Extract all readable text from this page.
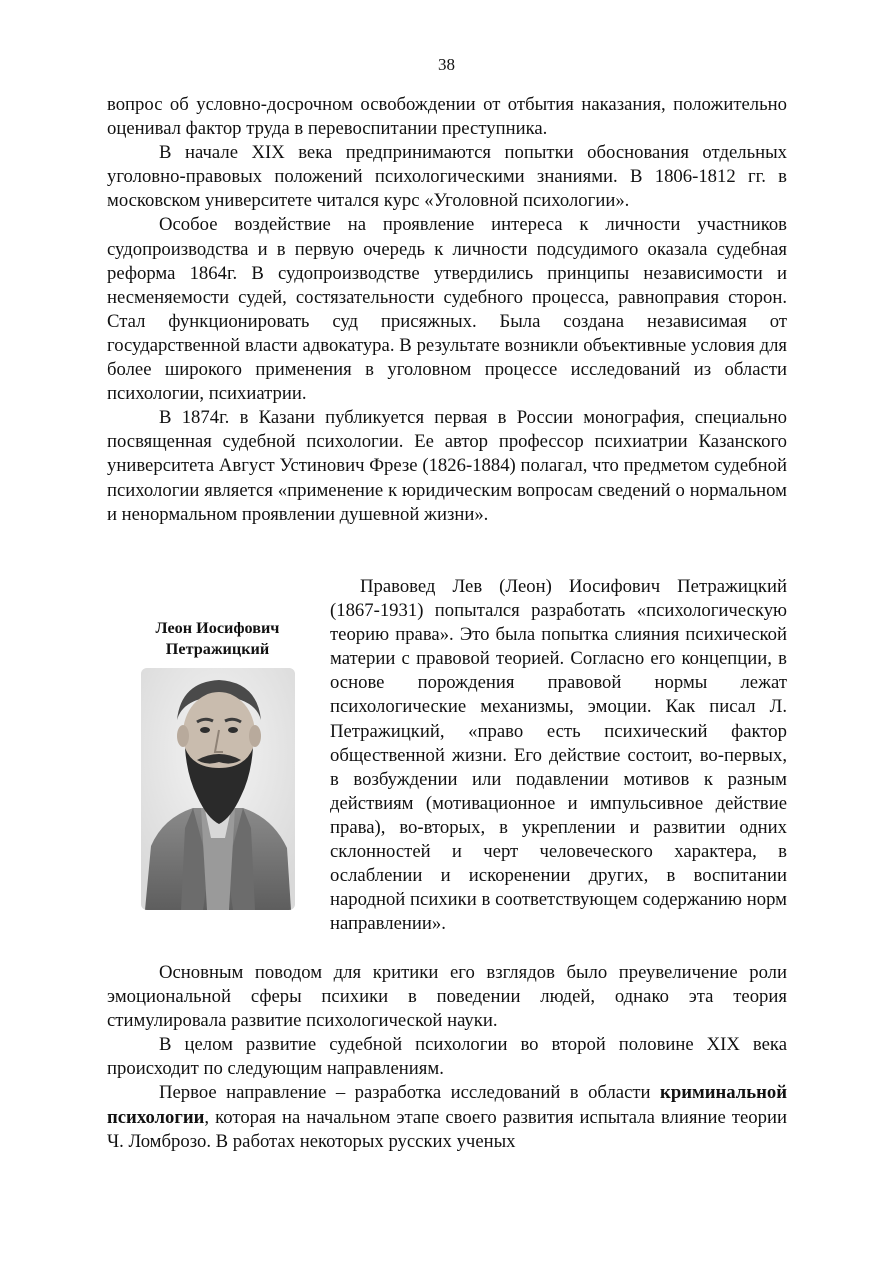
38

вопрос об условно-досрочном освобождении от отбытия наказания, положительно оценивал фактор труда в перевоспитании преступника.

В начале XIX века предпринимаются попытки обоснования отдельных уголовно-правовых положений психологическими знаниями. В 1806-1812 гг. в московском университете читался курс «Уголовной психологии».

Особое воздействие на проявление интереса к личности участников судопроизводства и в первую очередь к личности подсудимого оказала судебная реформа 1864г. В судопроизводстве утвердились принципы независимости и несменяемости судей, состязательности судебного процесса, равноправия сторон. Стал функционировать суд присяжных. Была создана независимая от государственной власти адвокатура. В результате возникли объективные условия для более широкого применения в уголовном процессе исследований из области психологии, психиатрии.

В 1874г. в Казани публикуется первая в России монография, специально посвященная судебной психологии. Ее автор профессор психиатрии Казанского университета Август Устинович Фрезе (1826-1884) полагал, что предметом судебной психологии является «применение к юридическим вопросам сведений о нормальном и ненормальном проявлении душевной жизни».

Леон Иосифович
Петражицкий

Правовед Лев (Леон) Иосифович Петражицкий (1867-1931) попытался разработать «психологическую теорию права». Это была попытка слияния психической материи с правовой теорией. Согласно его концепции, в основе порождения правовой нормы лежат психологические механизмы, эмоции. Как писал Л. Петражицкий, «право есть психический фактор общественной жизни. Его действие состоит, во-первых, в возбуждении или подавлении мотивов к разным действиям (мотивационное и импульсивное действие права), во-вторых, в укреплении и развитии одних склонностей и черт человеческого характера, в ослаблении и искоренении других, в воспитании народной психики в соответствующем содержанию норм направлении».

Основным поводом для критики его взглядов было преувеличение роли эмоциональной сферы психики в поведении людей, однако эта теория стимулировала развитие психологической науки.

В целом развитие судебной психологии во второй половине XIX века происходит по следующим направлениям.

Первое направление – разработка исследований в области криминальной психологии, которая на начальном этапе своего развития испытала влияние теории Ч. Ломброзо. В работах некоторых русских ученых
